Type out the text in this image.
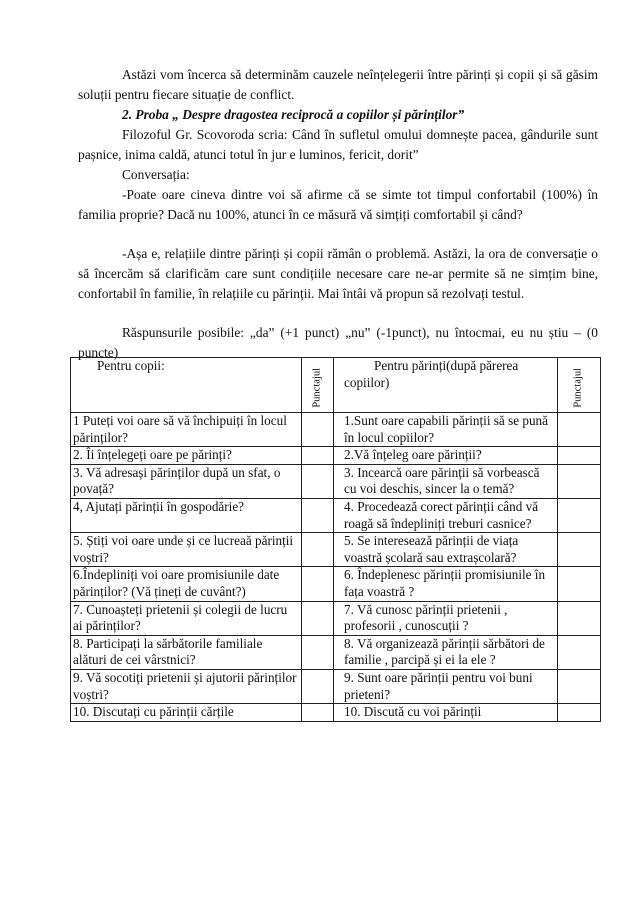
Astăzi vom încerca să determinăm cauzele neînțelegerii între părinți și copii și să găsim soluții pentru fiecare situație de conflict.

2. Proba „ Despre dragostea reciprocă a copiilor și părinților”

Filozoful Gr. Scovoroda scria: Când în sufletul omului domnește pacea, gândurile sunt pașnice, inima caldă, atunci totul în jur e luminos, fericit, dorit”

Conversația:

-Poate oare cineva dintre voi să afirme că se simte tot timpul confortabil (100%) în familia proprie? Dacă nu 100%, atunci în ce măsură vă simțiți comfortabil și când?

-Așa e, relațiile dintre părinți și copii rămân o problemă. Astăzi, la ora de conversație o să încercăm să clarificăm care sunt condițiile necesare care ne-ar permite să ne simțim bine, confortabil în familie, în relațiile cu părinții. Mai întâi vă propun să rezolvați testul.

Răspunsurile posibile: „da” (+1 punct) „nu” (-1punct), nu întocmai, eu nu știu – (0 puncte)

Pentru copii:	Punctajul	Pentru părinți(după părerea copiilor)	Punctajul

1 Puteți voi oare să vă închipuiți în locul părinților?		1.Sunt oare capabili părinții să se pună în locul copiilor?	
2. Îi înțelegeți oare pe părinți?		2.Vă înțeleg oare părinții?	
3. Vă adresași părinților după un sfat, o povață?		3. Incearcă oare părinții să vorbească cu voi deschis, sincer la o temă?	
4, Ajutați părinții în gospodărie?		4. Procedează corect părinții când vă roagă să îndepliniți treburi casnice?	
5. Știți voi oare unde și ce lucreaă părinții voștri?		5. Se interesează părinții de viața voastră școlară sau extrașcolară?	
6.Îndepliniți voi oare promisiunile date părinților? (Vă țineți de cuvânt?)		6. Îndeplenesc părinții promisiunile în fața voastră ?	
7. Cunoașteți prietenii și colegii de lucru ai părinților?		7. Vă cunosc părinții prietenii , profesorii , cunoscuții ?	
8. Participați la sărbătorile familiale alături de cei vârstnici?		8. Vă organizează părinții sărbători de familie , parcipă și ei la ele ?	
9. Vă socotiți prietenii și ajutorii părinților voștri?		9. Sunt oare părinții pentru voi buni prieteni?	
10. Discutați cu părinții cărțile		10. Discută cu voi părinții	
